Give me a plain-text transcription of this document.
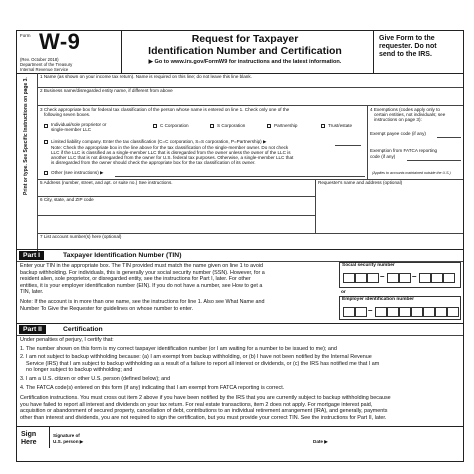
Form W-9
(Rev. October 2018)
Department of the Treasury
Internal Revenue Service
Request for Taxpayer
Identification Number and Certification
▶ Go to www.irs.gov/FormW9 for instructions and the latest information.
Give Form to the
requester. Do not
send to the IRS.
Print or type. See Specific Instructions on page 3.
1 Name (as shown on your income tax return). Name is required on this line; do not leave this line blank.
2 Business name/disregarded entity name, if different from above
3 Check appropriate box for federal tax classification of the person whose name is entered on line 1. Check only one of the
following seven boxes.
Individual/sole proprietor or
single-member LLC
C Corporation	S Corporation	Partnership	Trust/estate
Limited liability company. Enter the tax classification (C=C corporation, S=S corporation, P=Partnership) ▶
Note: Check the appropriate box in the line above for the tax classification of the single-member owner. Do not check
LLC if the LLC is classified as a single-member LLC that is disregarded from the owner unless the owner of the LLC is
another LLC that is not disregarded from the owner for U.S. federal tax purposes. Otherwise, a single-member LLC that
is disregarded from the owner should check the appropriate box for the tax classification of its owner.
Other (see instructions) ▶
4 Exemptions (codes apply only to
certain entities, not individuals; see
instructions on page 3):
Exempt payee code (if any)
Exemption from FATCA reporting
code (if any)
(Applies to accounts maintained outside the U.S.)
5 Address (number, street, and apt. or suite no.) See instructions.	Requester's name and address (optional)
6 City, state, and ZIP code
7 List account number(s) here (optional)
Part I	Taxpayer Identification Number (TIN)
Enter your TIN in the appropriate box. The TIN provided must match the name given on line 1 to avoid
backup withholding. For individuals, this is generally your social security number (SSN). However, for a
resident alien, sole proprietor, or disregarded entity, see the instructions for Part I, later. For other
entities, it is your employer identification number (EIN). If you do not have a number, see How to get a
TIN, later.
Note: If the account is in more than one name, see the instructions for line 1. Also see What Name and
Number To Give the Requester for guidelines on whose number to enter.
Social security number
–	–
or
Employer identification number
–
Part II	Certification
Under penalties of perjury, I certify that:
1. The number shown on this form is my correct taxpayer identification number (or I am waiting for a number to be issued to me); and
2. I am not subject to backup withholding because: (a) I am exempt from backup withholding, or (b) I have not been notified by the Internal Revenue
Service (IRS) that I am subject to backup withholding as a result of a failure to report all interest or dividends, or (c) the IRS has notified me that I am
no longer subject to backup withholding; and
3. I am a U.S. citizen or other U.S. person (defined below); and
4. The FATCA code(s) entered on this form (if any) indicating that I am exempt from FATCA reporting is correct.
Certification instructions. You must cross out item 2 above if you have been notified by the IRS that you are currently subject to backup withholding because
you have failed to report all interest and dividends on your tax return. For real estate transactions, item 2 does not apply. For mortgage interest paid,
acquisition or abandonment of secured property, cancellation of debt, contributions to an individual retirement arrangement (IRA), and generally, payments
other than interest and dividends, you are not required to sign the certification, but you must provide your correct TIN. See the instructions for Part II, later.
Sign
Here
Signature of
U.S. person ▶	Date ▶
